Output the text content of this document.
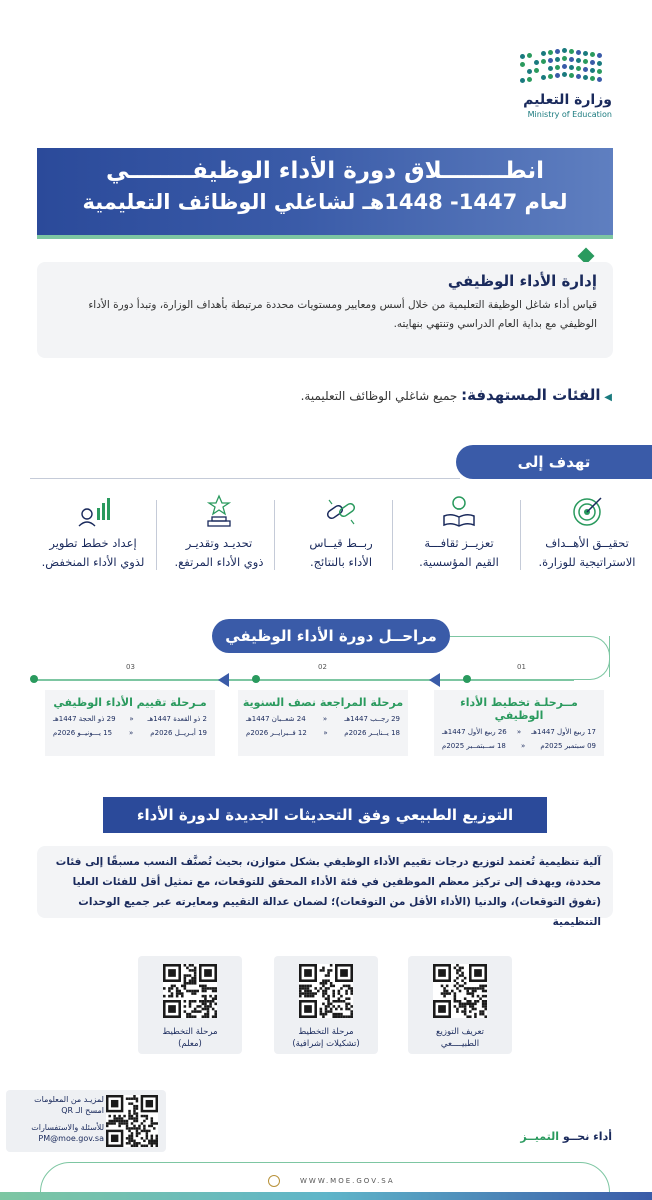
وزارة التعليم
Ministry of Education
انطــــــــلاق دورة الأداء الوظيفــــــــي
لعام 1447- 1448هـ لشاغلي الوظائف التعليمية
إدارة الأداء الوظيفي
قياس أداء شاغل الوظيفة التعليمية من خلال أسس ومعايير ومستويات محددة مرتبطة بأهداف الوزارة، وتبدأ دورة الأداء الوظيفي مع بداية العام الدراسي وتنتهي بنهايته.
◀ الفئات المستهدفة: جميع شاغلي الوظائف التعليمية.
تهدف إلى
تحقيــق الأهــداف
الاستراتيجية للوزارة.
تعزيــز ثقافـــة
القيم المؤسسية.
ربــط قيــاس
الأداء بالنتائج.
تحديـد وتقديـر
ذوي الأداء المرتفع.
إعداد خطط تطوير
لذوي الأداء المنخفض.
مراحــل دورة الأداء الوظيفي
01
02
03
مــرحلـة تخطيط الأداء الوظيفي
17 ربيع الأول 1447هـ
«
26 ربيع الأول 1447هـ
09 سبتمبر 2025م
«
18 ســبتمــبر 2025م
مرحلة المراجعة نصف السنوية
29 رجــب 1447هـ
«
24 شعــبان 1447هـ
18 يــنايــر 2026م
«
12 فــبرايــر 2026م
مـرحلة تقييم الأداء الوظيفي
2 ذو القعدة 1447هـ
«
29 ذو الحجة 1447هـ
19 أبـريــل 2026م
«
15 يـــونيــو 2026م
التوزيع الطبيعي وفق التحديثات الجديدة لدورة الأداء
آلية تنظيمية تُعتمد لتوزيع درجات تقييم الأداء الوظيفي بشكل متوازن، بحيث تُصنَّف النسب مسبقًا إلى فئات محددة، ويهدف إلى تركيز معظم الموظفين في فئة الأداء المحقق للتوقعات، مع تمثيل أقل للفئات العليا (تفوق التوقعات)، والدنيا (الأداء الأقل من التوقعات)؛ لضمان عدالة التقييم ومعايرته عبر جميع الوحدات التنظيمية
تعريف التوزيع
الطبيــــعي
مرحلة التخطيط
(تشكيلات إشرافية)
مرحلة التخطيط
(معلم)
لمزيـد من المعلومات
امسح الـ QR
للأسئلة والاستفسارات
PM@moe.gov.sa	أداء نحــو التميــز
WWW.MOE.GOV.SA
